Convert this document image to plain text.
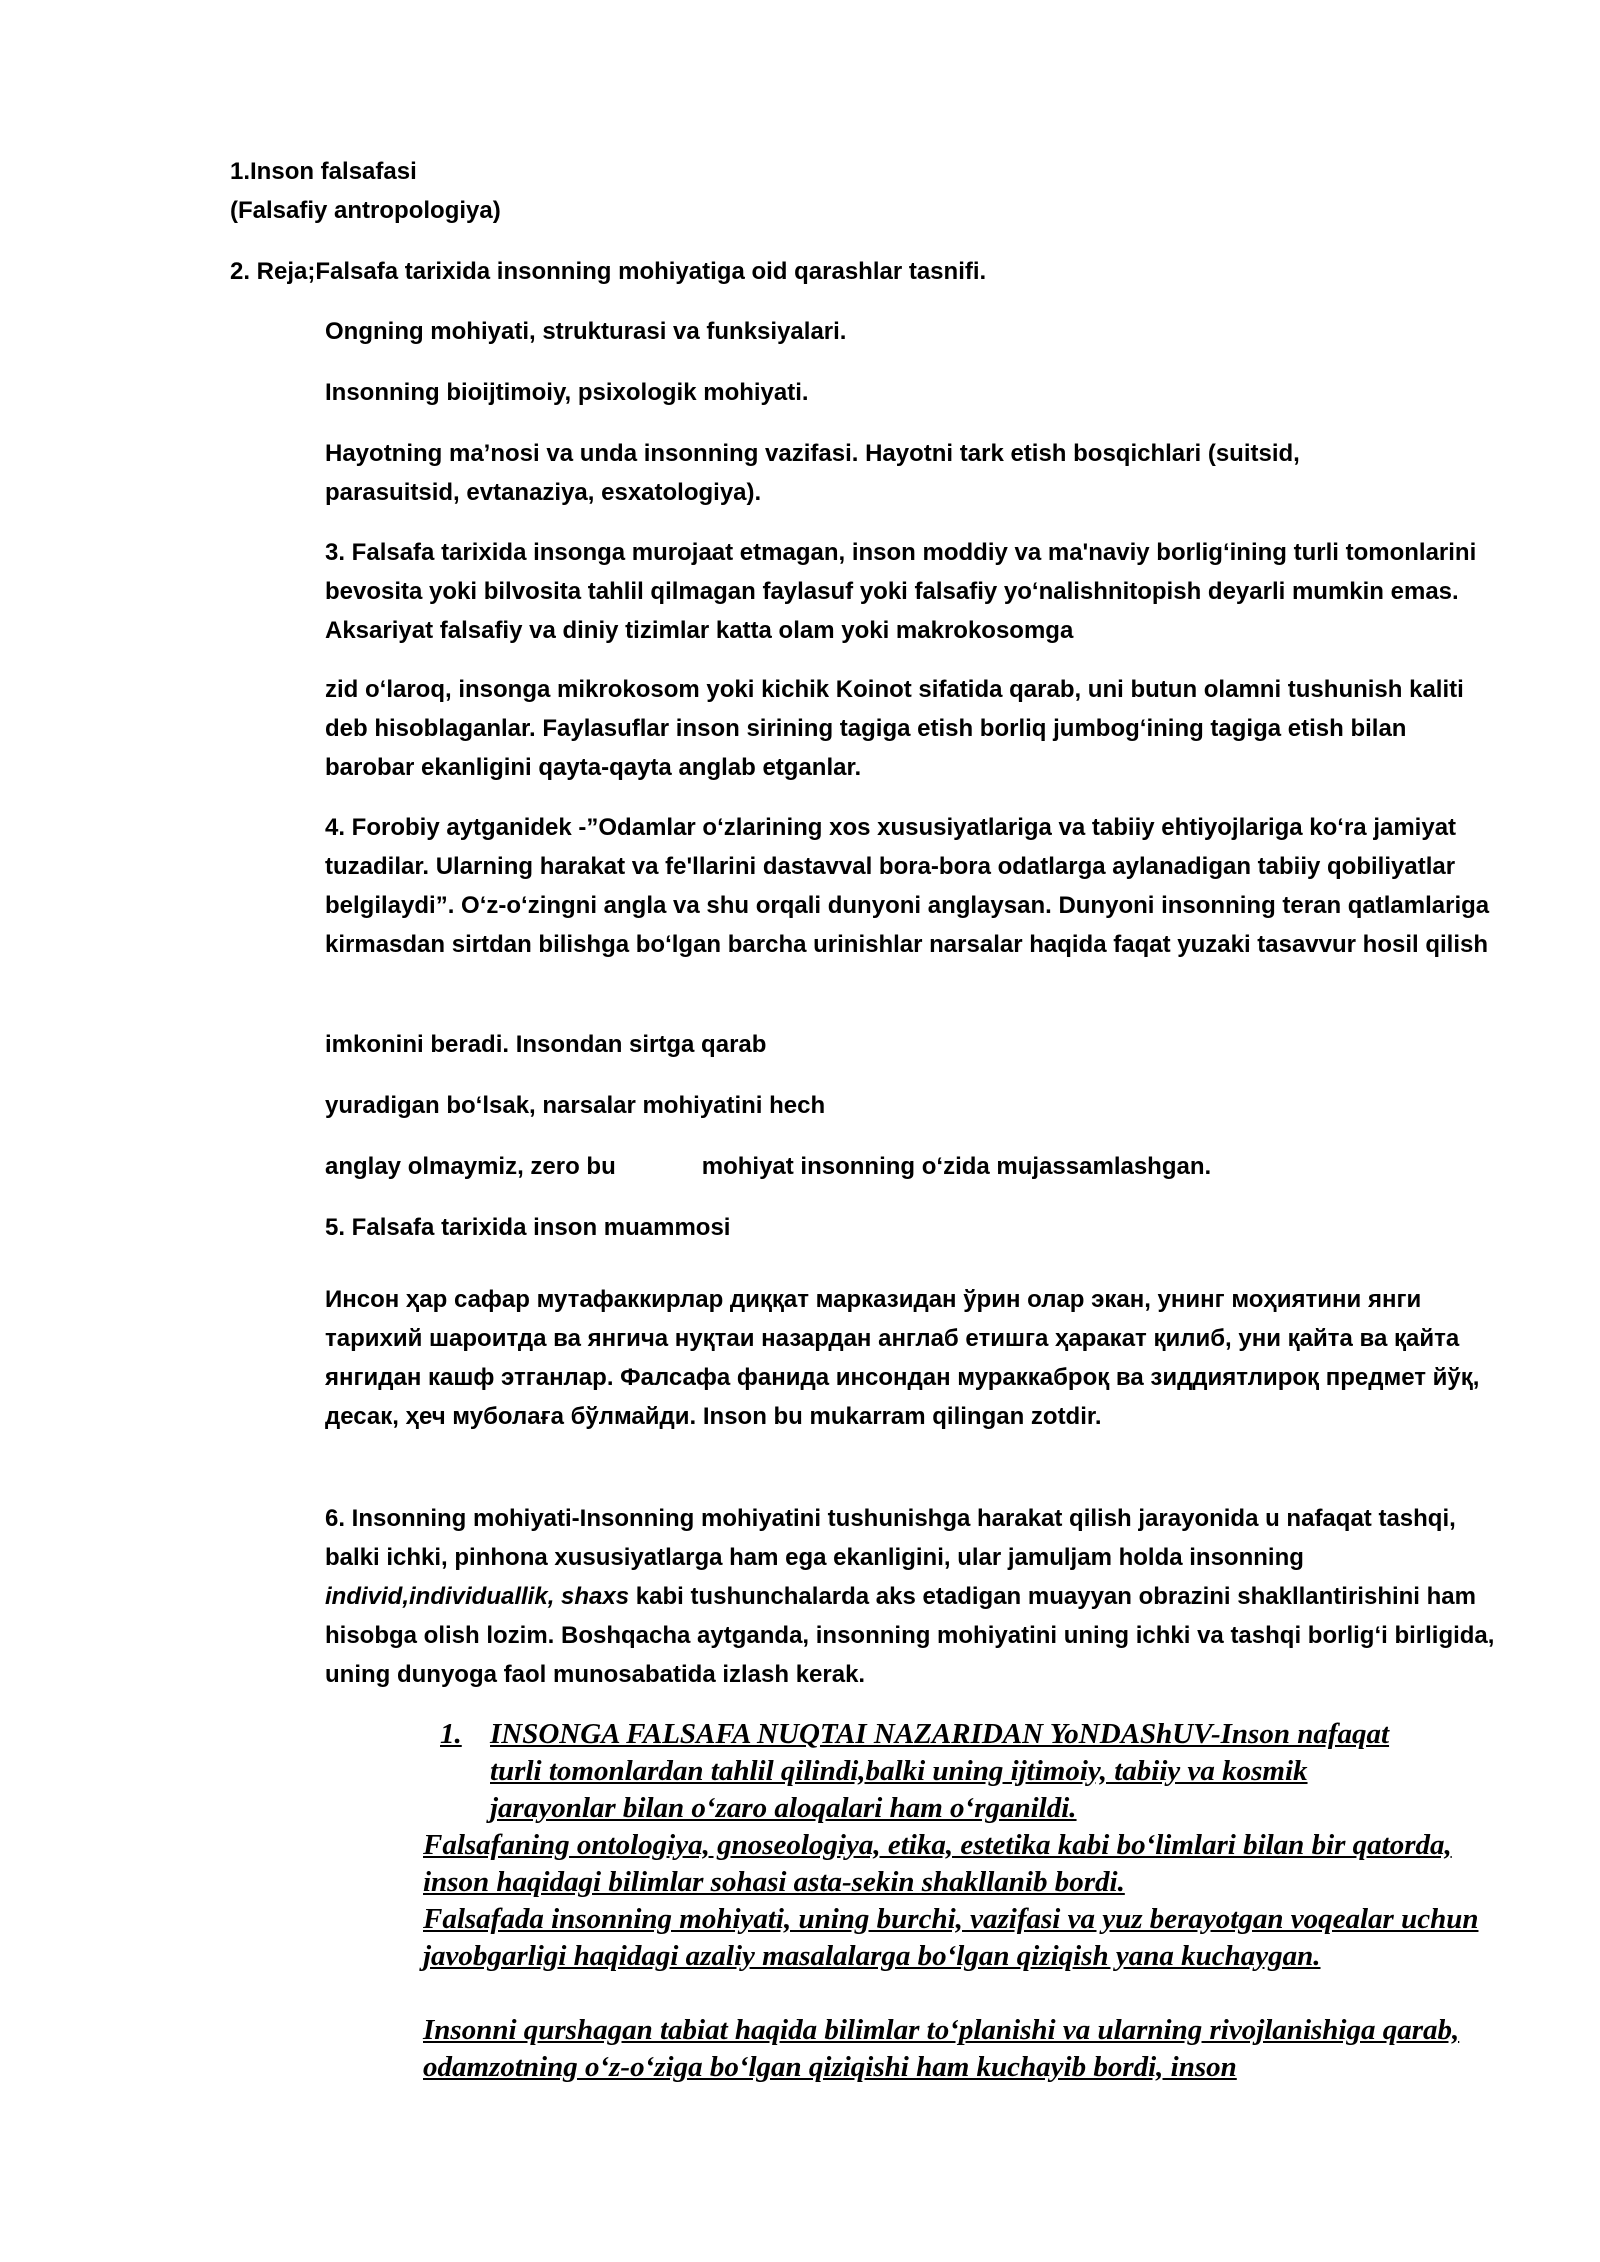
1.Inson falsafasi

(Falsafiy antropologiya)

2. Reja;Falsafa tarixida insonning mohiyatiga oid qarashlar tasnifi.

Ongning mohiyati, strukturasi va funksiyalari.

Insonning bioijtimoiy, psixologik mohiyati.

Hayotning ma’nosi va unda insonning vazifasi. Hayotni tark etish bosqichlari (suitsid, parasuitsid, evtanaziya, esxatologiya).

3. Falsafa tarixida insonga murojaat etmagan, inson moddiy va ma'naviy borlig‘ining turli tomonlarini bevosita yoki bilvosita tahlil qilmagan faylasuf yoki falsafiy yo‘nalishnitopish deyarli mumkin emas. Aksariyat falsafiy va diniy tizimlar katta olam yoki makrokosomga

zid o‘laroq, insonga mikrokosom yoki kichik Koinot sifatida qarab, uni butun olamni tushunish kaliti deb hisoblaganlar. Faylasuflar inson sirining tagiga etish borliq jumbog‘ining tagiga etish bilan barobar ekanligini qayta-qayta anglab etganlar.

4. Forobiy aytganidek -”Odamlar o‘zlarining xos xususiyatlariga va tabiiy ehtiyojlariga ko‘ra jamiyat tuzadilar. Ularning harakat va fe'llarini dastavval bora-bora odatlarga aylanadigan tabiiy qobiliyatlar belgilaydi”. O‘z-o‘zingni angla va shu orqali dunyoni anglaysan. Dunyoni insonning teran qatlamlariga kirmasdan sirtdan bilishga bo‘lgan barcha urinishlar narsalar haqida faqat yuzaki tasavvur hosil qilish

imkonini beradi. Insondan sirtga qarab

yuradigan bo‘lsak, narsalar mohiyatini hech

anglay olmaymiz, zero bu	mohiyat insonning o‘zida mujassamlashgan.

5. Falsafa tarixida inson muammosi

Инсон ҳар сафар мутафаккирлар диққат марказидан ўрин олар экан, унинг моҳиятини янги тарихий шароитда ва янгича нуқтаи назардан англаб етишга ҳаракат қилиб, уни қайта ва қайта янгидан кашф этганлар. Фалсафа фанида инсондан мураккаброқ ва зиддиятлироқ предмет йўқ, десак, ҳеч муболаға бўлмайди. Inson bu mukarram qilingan zotdir.

6. Insonning mohiyati-Insonning mohiyatini tushunishga harakat qilish jarayonida u nafaqat tashqi, balki ichki, pinhona xususiyatlarga ham ega ekanligini, ular jamuljam holda insonning individ,individuallik, shaxs kabi tushunchalarda aks etadigan muayyan obrazini shakllantirishini ham hisobga olish lozim. Boshqacha aytganda, insonning mohiyatini uning ichki va tashqi borlig‘i birligida, uning dunyoga faol munosabatida izlash kerak.

1. INSONGA FALSAFA NUQTAI NAZARIDAN YoNDAShUV-Inson nafaqat turli tomonlardan tahlil qilindi,balki uning ijtimoiy, tabiiy va kosmik jarayonlar bilan o‘zaro aloqalari ham o‘rganildi.

Falsafaning ontologiya, gnoseologiya, etika, estetika kabi bo‘limlari bilan bir qatorda, inson haqidagi bilimlar sohasi asta-sekin shakllanib bordi.

Falsafada insonning mohiyati, uning burchi, vazifasi va yuz berayotgan voqealar uchun javobgarligi haqidagi azaliy masalalarga bo‘lgan qiziqish yana kuchaygan.

Insonni qurshagan tabiat haqida bilimlar to‘planishi va ularning rivojlanishiga qarab, odamzotning o‘z-o‘ziga bo‘lgan qiziqishi ham kuchayib bordi, inson
